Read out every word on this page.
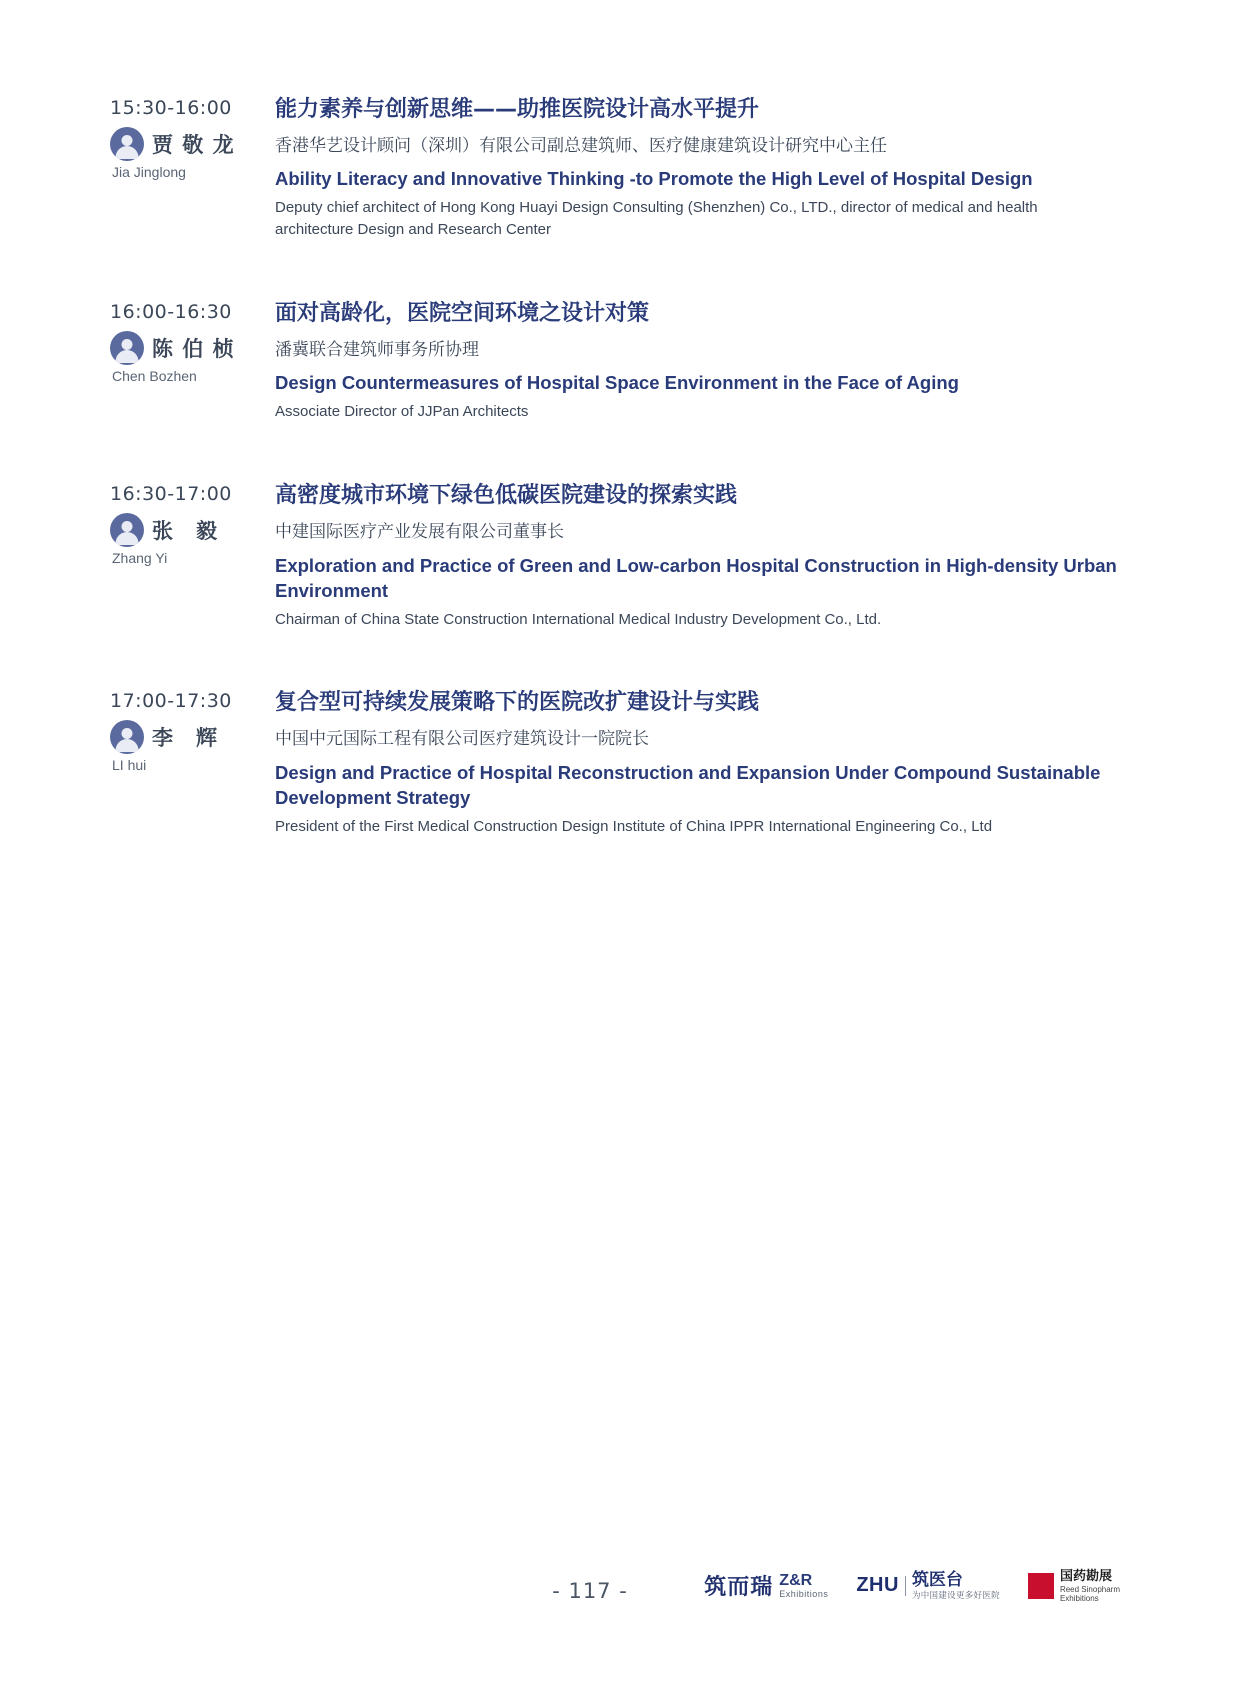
15:30-16:00
贾 敬 龙
Jia Jinglong
能力素养与创新思维——助推医院设计高水平提升
香港华艺设计顾问（深圳）有限公司副总建筑师、医疗健康建筑设计研究中心主任
Ability Literacy and Innovative Thinking -to Promote the High Level of Hospital Design
Deputy chief architect of Hong Kong Huayi Design Consulting (Shenzhen) Co., LTD., director of medical and health architecture Design and Research Center
16:00-16:30
陈 伯 桢
Chen Bozhen
面对高龄化，医院空间环境之设计对策
潘冀联合建筑师事务所协理
Design Countermeasures of Hospital Space Environment in the Face of Aging
Associate Director of JJPan Architects
16:30-17:00
张　毅
Zhang Yi
高密度城市环境下绿色低碳医院建设的探索实践
中建国际医疗产业发展有限公司董事长
Exploration and Practice of Green and Low-carbon Hospital Construction in High-density Urban Environment
Chairman of China State Construction International Medical Industry Development Co., Ltd.
17:00-17:30
李　辉
LI hui
复合型可持续发展策略下的医院改扩建设计与实践
中国中元国际工程有限公司医疗建筑设计一院院长
Design and Practice of Hospital Reconstruction and Expansion Under Compound Sustainable Development Strategy
President of the First Medical Construction Design Institute of China IPPR International Engineering Co., Ltd
- 117 -	筑而瑞 Z&R
Exhibitions ZHU 筑医台
为中国建设更多好医院
国药勘展
Reed Sinopharm
Exhibitions
